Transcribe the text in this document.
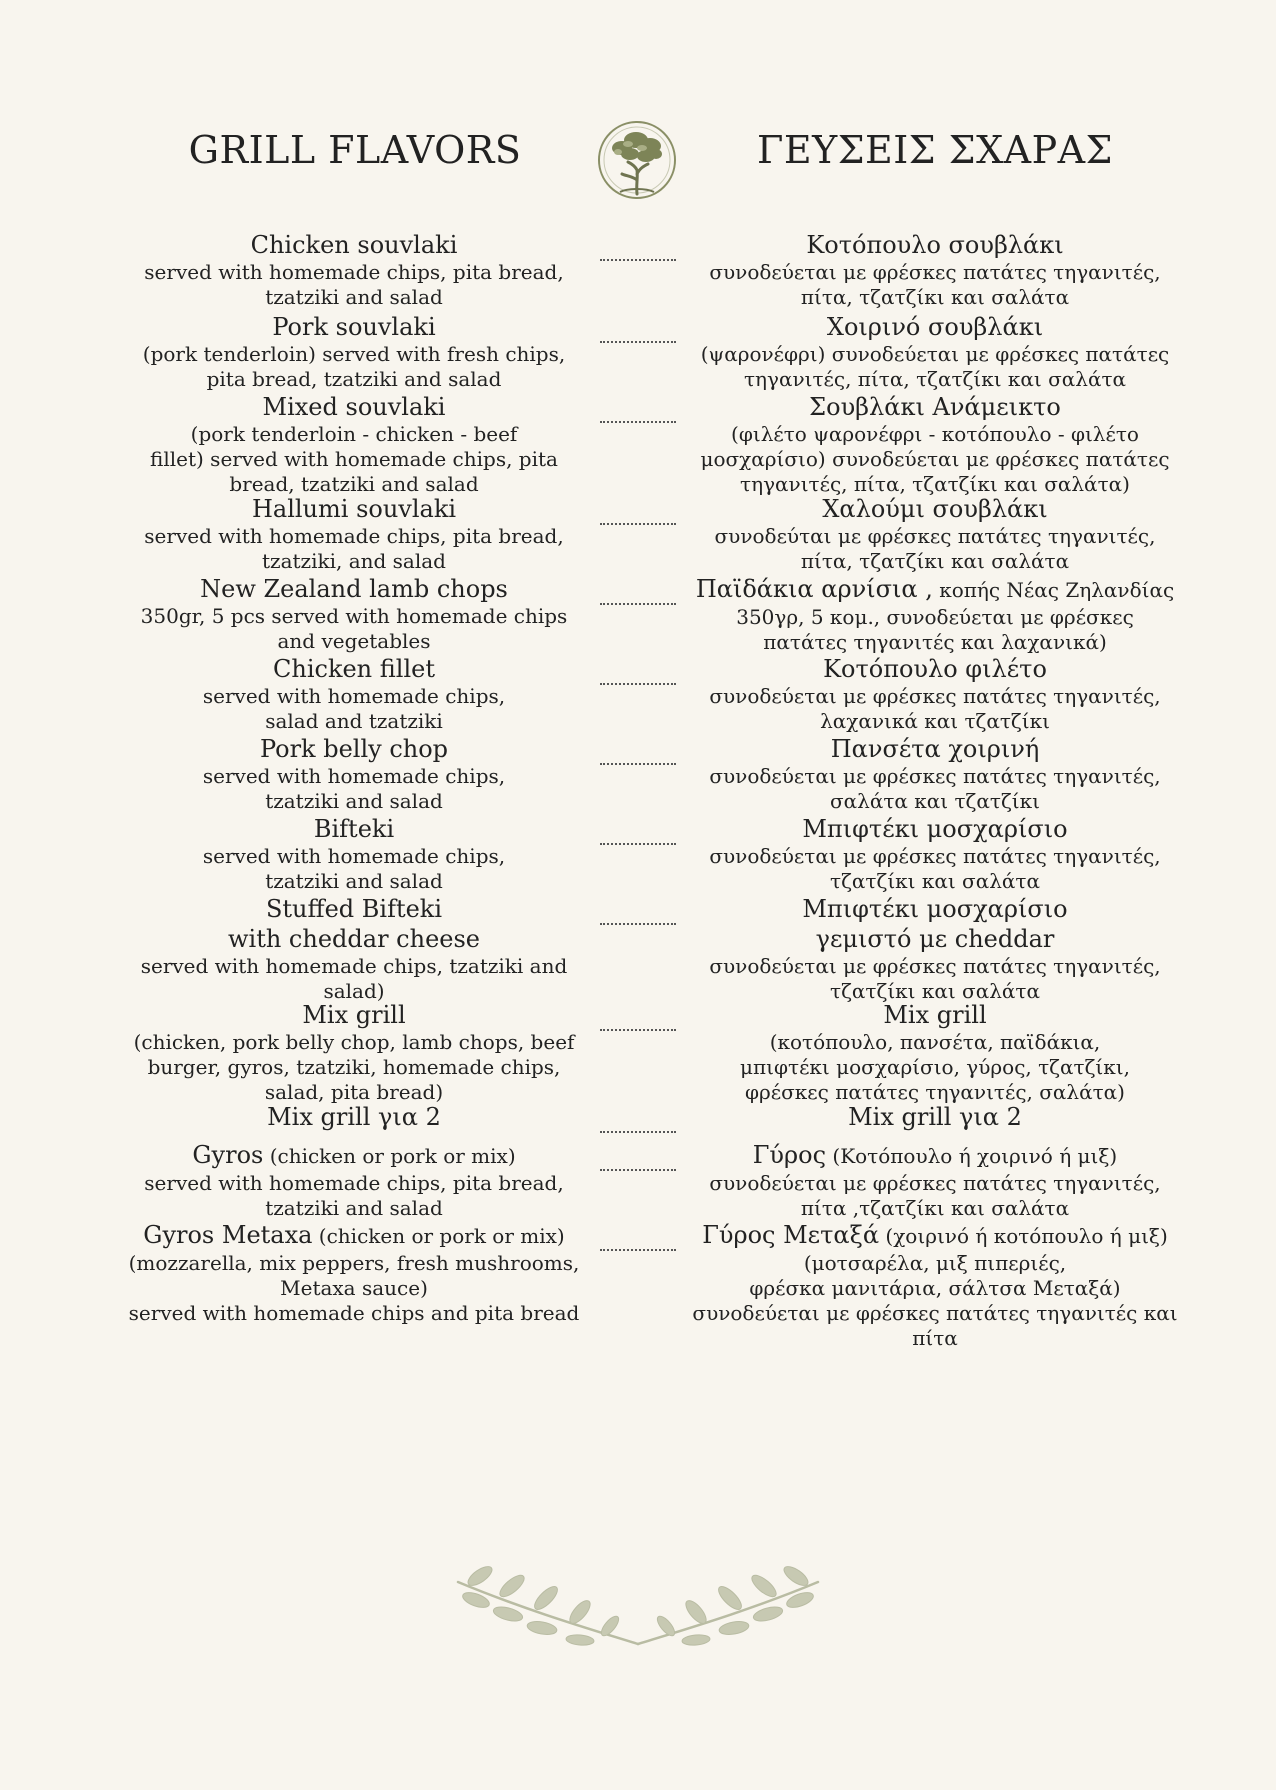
GRILL FLAVORS	ΓΕΥΣΕΙΣ ΣΧΑΡΑΣ
Chicken souvlaki
served with homemade chips, pita bread,
tzatziki and salad
Κοτόπουλο σουβλάκι
συνοδεύεται με φρέσκες πατάτες τηγανιτές,
πίτα, τζατζίκι και σαλάτα
Pork souvlaki
(pork tenderloin) served with fresh chips,
pita bread, tzatziki and salad
Χοιρινό σουβλάκι
(ψαρονέφρι) συνοδεύεται με φρέσκες πατάτες
τηγανιτές, πίτα, τζατζίκι και σαλάτα
Mixed souvlaki
(pork tenderloin - chicken - beef
fillet) served with homemade chips, pita
bread, tzatziki and salad
Σουβλάκι Ανάμεικτο
(φιλέτο ψαρονέφρι - κοτόπουλο - φιλέτο
μοσχαρίσιο) συνοδεύεται με φρέσκες πατάτες
τηγανιτές, πίτα, τζατζίκι και σαλάτα)
Hallumi souvlaki
served with homemade chips, pita bread,
tzatziki, and salad
Χαλούμι σουβλάκι
συνοδεύται με φρέσκες πατάτες τηγανιτές,
πίτα, τζατζίκι και σαλάτα
New Zealand lamb chops
350gr, 5 pcs served with homemade chips
and vegetables
Παϊδάκια αρνίσια , κοπής Νέας Ζηλανδίας
350γρ, 5 κομ., συνοδεύεται με φρέσκες
πατάτες τηγανιτές και λαχανικά)
Chicken fillet
served with homemade chips,
salad and tzatziki
Κοτόπουλο φιλέτο
συνοδεύεται με φρέσκες πατάτες τηγανιτές,
λαχανικά και τζατζίκι
Pork belly chop
served with homemade chips,
tzatziki and salad
Πανσέτα χοιρινή
συνοδεύεται με φρέσκες πατάτες τηγανιτές,
σαλάτα και τζατζίκι
Bifteki
served with homemade chips,
tzatziki and salad
Μπιφτέκι μοσχαρίσιο
συνοδεύεται με φρέσκες πατάτες τηγανιτές,
τζατζίκι και σαλάτα
Stuffed Bifteki
with cheddar cheese
served with homemade chips, tzatziki and
salad)
Μπιφτέκι μοσχαρίσιο
γεμιστό με cheddar
συνοδεύεται με φρέσκες πατάτες τηγανιτές,
τζατζίκι και σαλάτα
Mix grill
(chicken, pork belly chop, lamb chops, beef
burger, gyros, tzatziki, homemade chips,
salad, pita bread)
Mix grill
(κοτόπουλο, πανσέτα, παϊδάκια,
μπιφτέκι μοσχαρίσιο, γύρος, τζατζίκι,
φρέσκες πατάτες τηγανιτές, σαλάτα)
Mix grill για 2	Mix grill για 2
Gyros (chicken or pork or mix)
served with homemade chips, pita bread,
tzatziki and salad
Γύρος (Κοτόπουλο ή χοιρινό ή μιξ)
συνοδεύεται με φρέσκες πατάτες τηγανιτές,
πίτα ,τζατζίκι και σαλάτα
Gyros Metaxa (chicken or pork or mix)
(mozzarella, mix peppers, fresh mushrooms,
Metaxa sauce)
served with homemade chips and pita bread
Γύρος Μεταξά (χοιρινό ή κοτόπουλο ή μιξ)
(μοτσαρέλα, μιξ πιπεριές,
φρέσκα μανιτάρια, σάλτσα Μεταξά)
συνοδεύεται με φρέσκες πατάτες τηγανιτές και
πίτα
